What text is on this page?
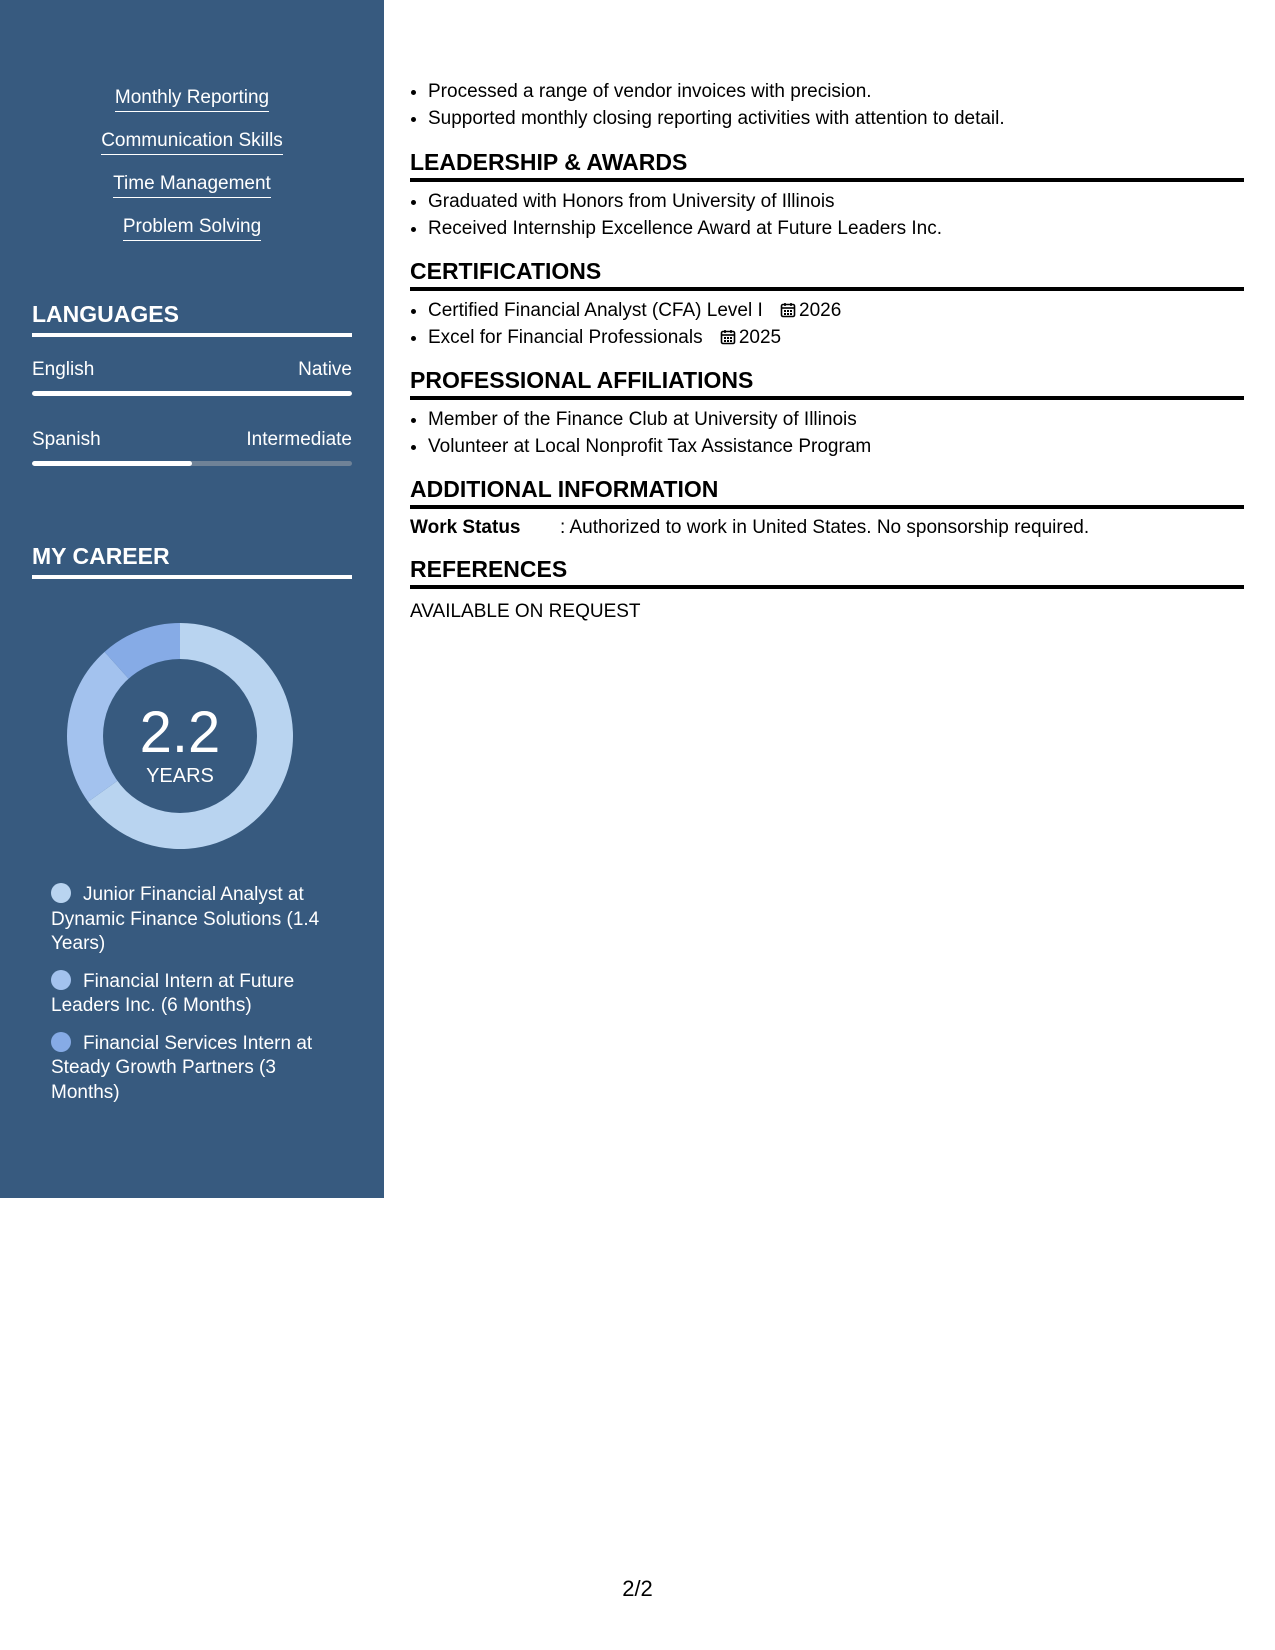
Monthly Reporting
Communication Skills
Time Management
Problem Solving
LANGUAGES
English	Native
Spanish	Intermediate
MY CAREER
2.2
YEARS
Junior Financial Analyst at Dynamic Finance Solutions (1.4 Years)
Financial Intern at Future Leaders Inc. (6 Months)
Financial Services Intern at Steady Growth Partners (3 Months)
• Processed a range of vendor invoices with precision.
• Supported monthly closing reporting activities with attention to detail.
LEADERSHIP & AWARDS
• Graduated with Honors from University of Illinois
• Received Internship Excellence Award at Future Leaders Inc.
CERTIFICATIONS
• Certified Financial Analyst (CFA) Level I 2026
• Excel for Financial Professionals 2025
PROFESSIONAL AFFILIATIONS
• Member of the Finance Club at University of Illinois
• Volunteer at Local Nonprofit Tax Assistance Program
ADDITIONAL INFORMATION
Work Status	: Authorized to work in United States. No sponsorship required.
REFERENCES
AVAILABLE ON REQUEST
2/2
